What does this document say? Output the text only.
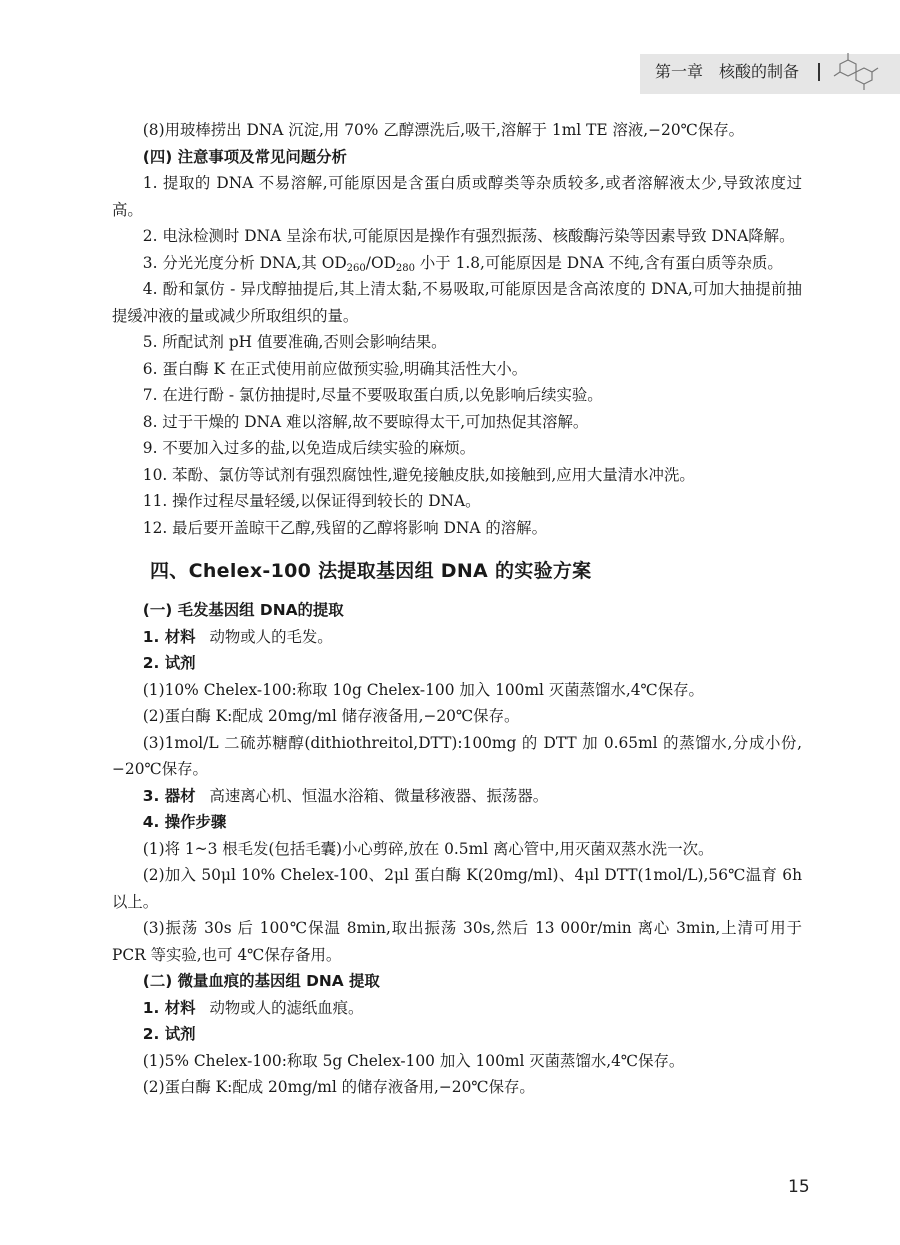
第一章　核酸的制备

(8)用玻棒捞出 DNA 沉淀,用 70% 乙醇漂洗后,吸干,溶解于 1ml TE 溶液,−20℃保存。

(四) 注意事项及常见问题分析

1. 提取的 DNA 不易溶解,可能原因是含蛋白质或醇类等杂质较多,或者溶解液太少,导致浓度过高。

2. 电泳检测时 DNA 呈涂布状,可能原因是操作有强烈振荡、核酸酶污染等因素导致 DNA降解。

3. 分光光度分析 DNA,其 $OD_{260}/OD_{280}$ 小于 1.8,可能原因是 DNA 不纯,含有蛋白质等杂质。

4. 酚和氯仿 - 异戊醇抽提后,其上清太黏,不易吸取,可能原因是含高浓度的 DNA,可加大抽提前抽提缓冲液的量或减少所取组织的量。

5. 所配试剂 pH 值要准确,否则会影响结果。

6. 蛋白酶 K 在正式使用前应做预实验,明确其活性大小。

7. 在进行酚 - 氯仿抽提时,尽量不要吸取蛋白质,以免影响后续实验。

8. 过于干燥的 DNA 难以溶解,故不要晾得太干,可加热促其溶解。

9. 不要加入过多的盐,以免造成后续实验的麻烦。

10. 苯酚、氯仿等试剂有强烈腐蚀性,避免接触皮肤,如接触到,应用大量清水冲洗。

11. 操作过程尽量轻缓,以保证得到较长的 DNA。

12. 最后要开盖晾干乙醇,残留的乙醇将影响 DNA 的溶解。

四、Chelex-100 法提取基因组 DNA 的实验方案

(一) 毛发基因组 DNA的提取

1. 材料 动物或人的毛发。

2. 试剂

(1)10% Chelex-100:称取 10g Chelex-100 加入 100ml 灭菌蒸馏水,4℃保存。

(2)蛋白酶 K:配成 20mg/ml 储存液备用,−20℃保存。

(3)1mol/L 二硫苏糖醇(dithiothreitol,DTT):100mg 的 DTT 加 0.65ml 的蒸馏水,分成小份,−20℃保存。

3. 器材 高速离心机、恒温水浴箱、微量移液器、振荡器。

4. 操作步骤

(1)将 1~3 根毛发(包括毛囊)小心剪碎,放在 0.5ml 离心管中,用灭菌双蒸水洗一次。

(2)加入 50μl 10% Chelex-100、2μl 蛋白酶 K(20mg/ml)、4μl DTT(1mol/L),56℃温育 6h 以上。

(3)振荡 30s 后 100℃保温 8min,取出振荡 30s,然后 13 000r/min 离心 3min,上清可用于 PCR 等实验,也可 4℃保存备用。

(二) 微量血痕的基因组 DNA 提取

1. 材料 动物或人的滤纸血痕。

2. 试剂

(1)5% Chelex-100:称取 5g Chelex-100 加入 100ml 灭菌蒸馏水,4℃保存。

(2)蛋白酶 K:配成 20mg/ml 的储存液备用,−20℃保存。

15
